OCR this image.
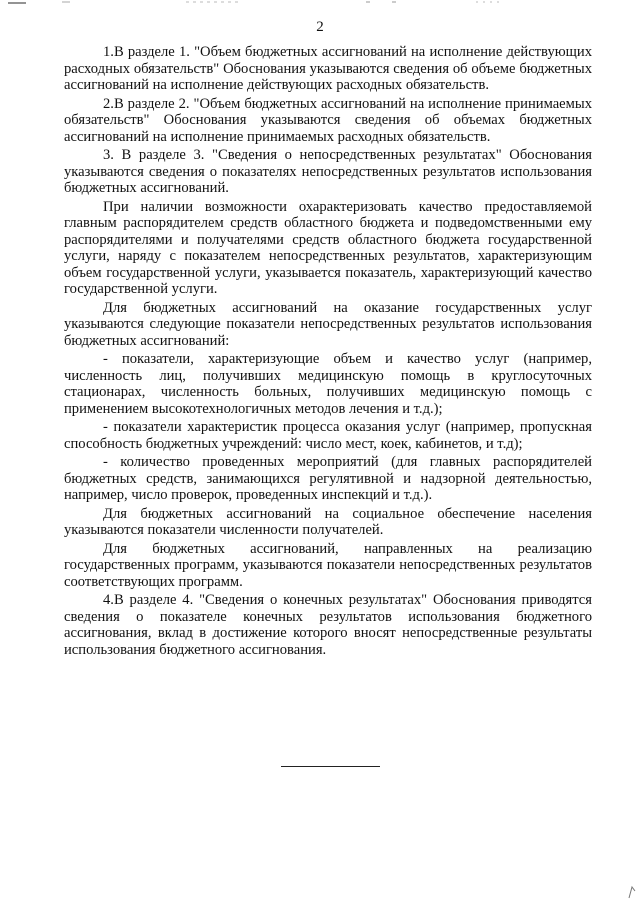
2

1.В разделе 1. "Объем бюджетных ассигнований на исполнение действующих расходных обязательств" Обоснования указываются сведения об объеме бюджетных ассигнований на исполнение действующих расходных обязательств.

2.В разделе 2. "Объем бюджетных ассигнований на исполнение принимаемых обязательств" Обоснования указываются сведения об объемах бюджетных ассигнований на исполнение принимаемых расходных обязательств.

3. В разделе 3. "Сведения о непосредственных результатах" Обоснования указываются сведения о показателях непосредственных результатов использования бюджетных ассигнований.

При наличии возможности охарактеризовать качество предоставляемой главным распорядителем средств областного бюджета и подведомственными ему распорядителями и получателями средств областного бюджета государственной услуги, наряду с показателем непосредственных результатов, характеризующим объем государственной услуги, указывается показатель, характеризующий качество государственной услуги.

Для бюджетных ассигнований на оказание государственных услуг указываются следующие показатели непосредственных результатов использования бюджетных ассигнований:

- показатели, характеризующие объем и качество услуг (например, численность лиц, получивших медицинскую помощь в круглосуточных стационарах, численность больных, получивших медицинскую помощь с применением высокотехнологичных методов лечения и т.д.);

- показатели характеристик процесса оказания услуг (например, пропускная способность бюджетных учреждений: число мест, коек, кабинетов, и т.д);

- количество проведенных мероприятий (для главных распорядителей бюджетных средств, занимающихся регулятивной и надзорной деятельностью, например, число проверок, проведенных инспекций и т.д.).

Для бюджетных ассигнований на социальное обеспечение населения указываются показатели численности получателей.

Для бюджетных ассигнований, направленных на реализацию государственных программ, указываются показатели непосредственных результатов соответствующих программ.

4.В разделе 4. "Сведения о конечных результатах" Обоснования приводятся сведения о показателе конечных результатов использования бюджетного ассигнования, вклад в достижение которого вносят непосредственные результаты использования бюджетного ассигнования.
